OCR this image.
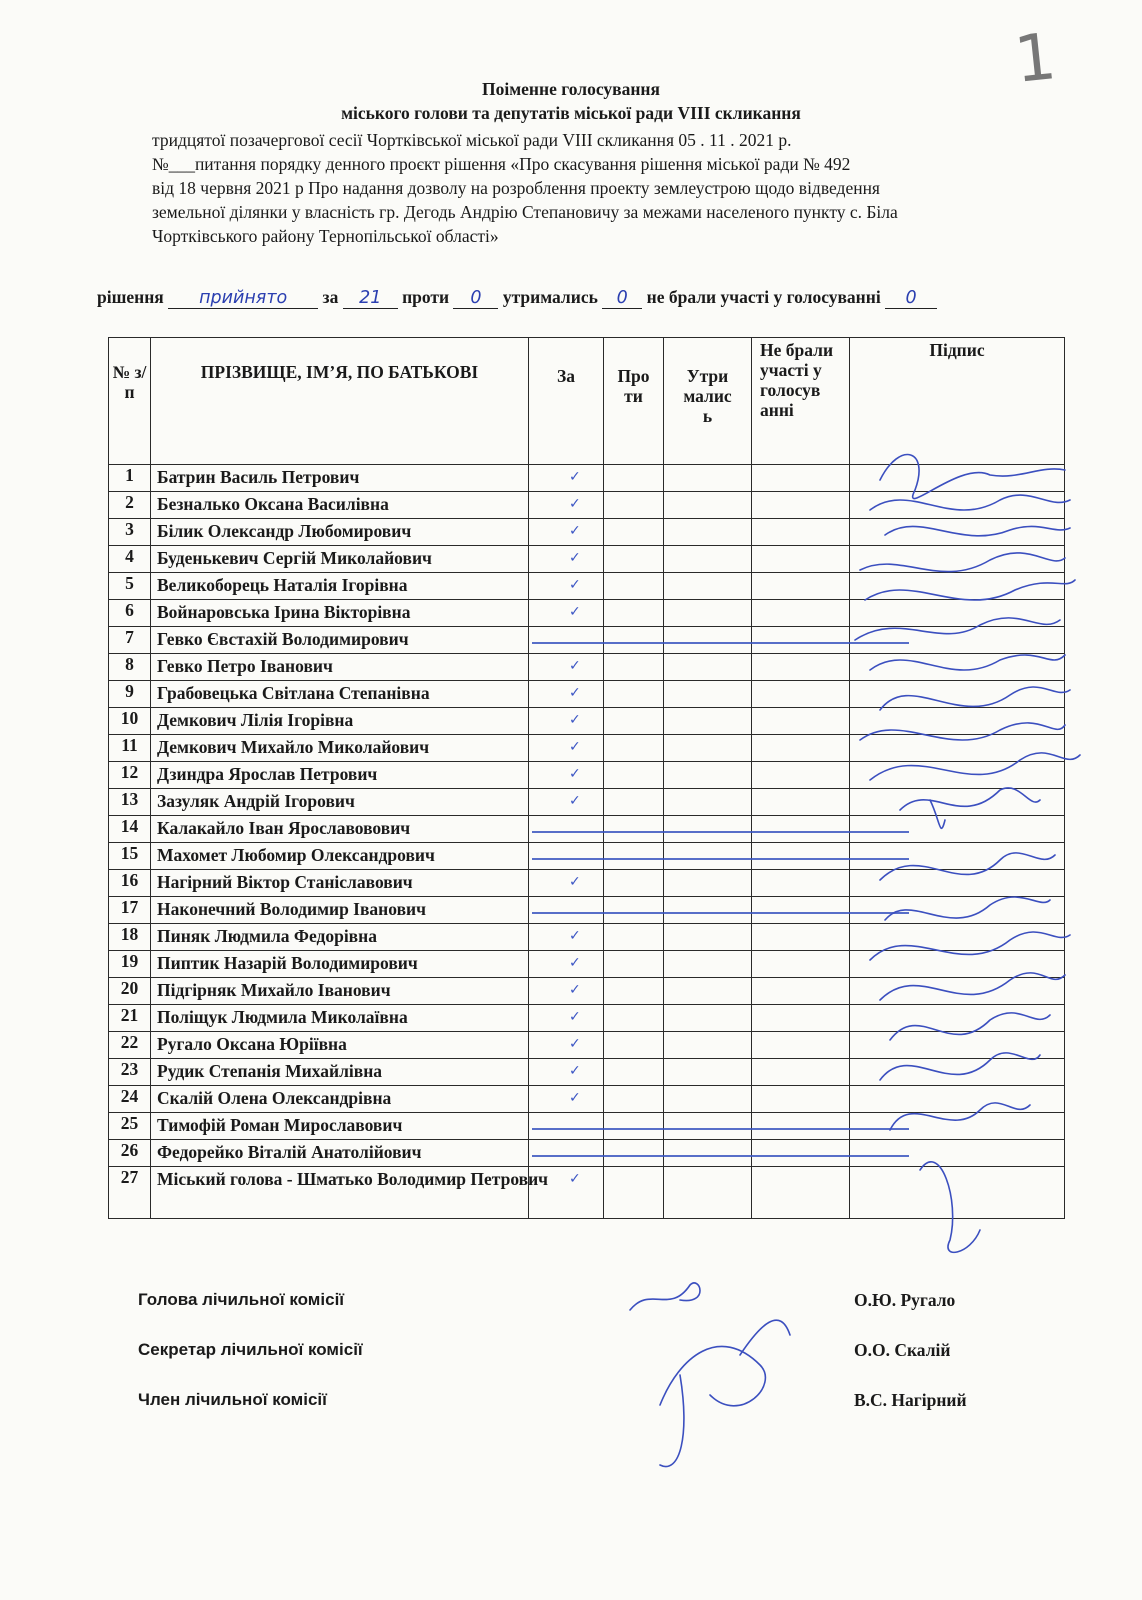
1
Поіменне голосування
міського голови та депутатів міської ради VIII скликання
тридцятої позачергової сесії Чортківської міської ради VIII скликання 05 . 11 . 2021 р.
№___питання порядку денного проєкт рішення «Про скасування рішення міської ради № 492
від 18 червня 2021 р Про надання дозволу на розроблення проекту землеустрою щодо відведення
земельної ділянки у власність гр. Дегодь Андрію Степановичу за межами населеного пункту с. Біла
Чортківського району Тернопільської області»
рішення прийнято за 21 проти 0 утримались 0 не брали участі у голосуванні 0
№ з/п	ПРІЗВИЩЕ, ІМ’Я, ПО БАТЬКОВІ	За	Про ти	Утри малис ь	Не брали участі у голосув анні	Підпис
1	Батрин Василь Петрович	✓				

2	Безналько Оксана Василівна	✓				

3	Білик Олександр Любомирович	✓				

4	Буденькевич Сергій Миколайович	✓				

5	Великоборець Наталія Ігорівна	✓				

6	Войнаровська Ірина Вікторівна	✓				

7	Гевко Євстахій Володимирович	

8	Гевко Петро Іванович	✓				

9	Грабовецька Світлана Степанівна	✓				

10	Демкович Лілія Ігорівна	✓				

11	Демкович Михайло Миколайович	✓				

12	Дзиндра Ярослав Петрович	✓				

13	Зазуляк Андрій Ігорович	✓				

14	Калакайло Іван Ярославовович	

15	Махомет Любомир Олександрович	

16	Нагірний Віктор Станіславович	✓				

17	Наконечний Володимир Іванович	

18	Пиняк Людмила Федорівна	✓				

19	Пиптик Назарій Володимирович	✓				

20	Підгірняк Михайло Іванович	✓				

21	Поліщук Людмила Миколаївна	✓				

22	Ругало Оксана Юріївна	✓				

23	Рудик Степанія Михайлівна	✓				

24	Скалій Олена Олександрівна	✓				

25	Тимофій Роман Мирославович	

26	Федорейко Віталій Анатолійович	

27	Міський голова - Шматько Володимир Петрович	✓				

Голова лічильної комісії	О.Ю. Ругало
Секретар лічильної комісії	О.О. Скалій
Член лічильної комісії	В.С. Нагірний
